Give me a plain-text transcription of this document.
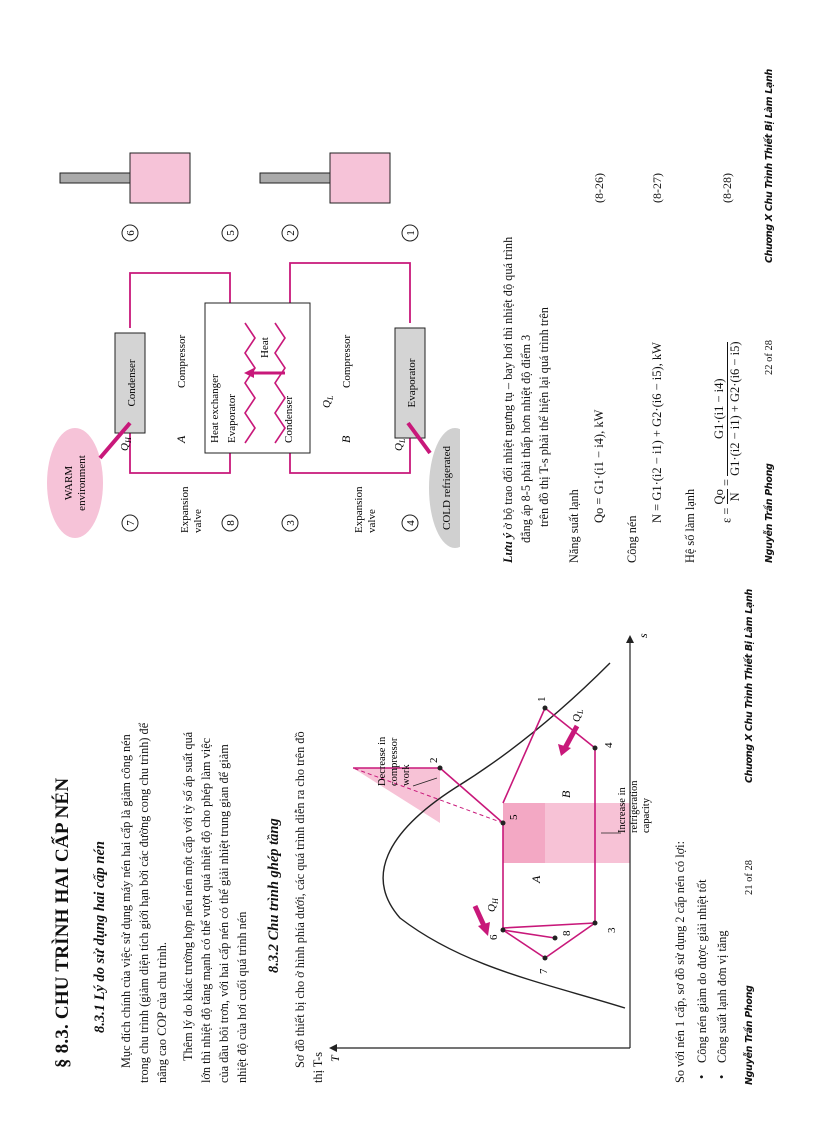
§ 8.3. CHU TRÌNH HAI CẤP NÉN 8.3.1 Lý do sử dụng hai cấp nén Mục đích chính của việc sử dụng máy nén hai cấp là giảm công nén trong chu trình (giảm diện tích giới hạn bởi các đường cong chu trình) để nâng cao COP của chu trình. Thêm lý do khác trường hợp nếu nén một cấp với tỷ số áp suất quá lớn thì nhiệt độ tăng mạnh có thể vượt quá nhiệt độ cho phép làm việc của dầu bôi trơn, với hai cấp nén có thể giải nhiệt trung gian để giảm nhiệt độ của hơi cuối quá trình nén
8.3.2 Chu trình ghép tầng Sơ đồ thiết bị cho ở hình phía dưới, các quá trình diễn ra cho trên đồ thị T-s T
s
7
6
3
8
5
2
4
1
A
B
$Q_H$
$Q_L$
Decrease in compressor work
Increase in refrigeration capacity
So với nén 1 cấp, sơ đồ sử dụng 2 cấp nén có lợi: • Công nén giảm do được giải nhiệt tốt • Công suất lạnh đơn vị tăng Nguyễn Trần Phong
21 of 28
Chương X Chu Trình Thiết Bị Làm Lạnh
Condenser	Heat exchanger Evaporator	Condenser
Heat
Evaporator
WARM environment	COLD refrigerated
$Q_H$
$Q_L$
$Q_L$
A	B
Compressor	Compressor
Expansion valve	Expansion valve
1
2
3	4
5
6
7	8
Lưu ý ở bộ trao đổi nhiệt ngưng tụ – bay hơi thì nhiệt độ quá trình đẳng áp 8-5 phải thấp hơn nhiệt độ điểm 3 trên đồ thị T-s phải thể hiện lại quá trình trên Năng suất lạnh
Qo = G1·(i1 − i4), kW
(8-26)
Công nén
N = G1·(i2 − i1) + G2·(i6 − i5), kW
(8-27)
Hệ số làm lạnh	ε =
Qo N
=
G1·(i1 − i4) G1·(i2 − i1) + G2·(i6 − i5)
(8-28)
Nguyễn Trần Phong
22 of 28
Chương X Chu Trình Thiết Bị Làm Lạnh
